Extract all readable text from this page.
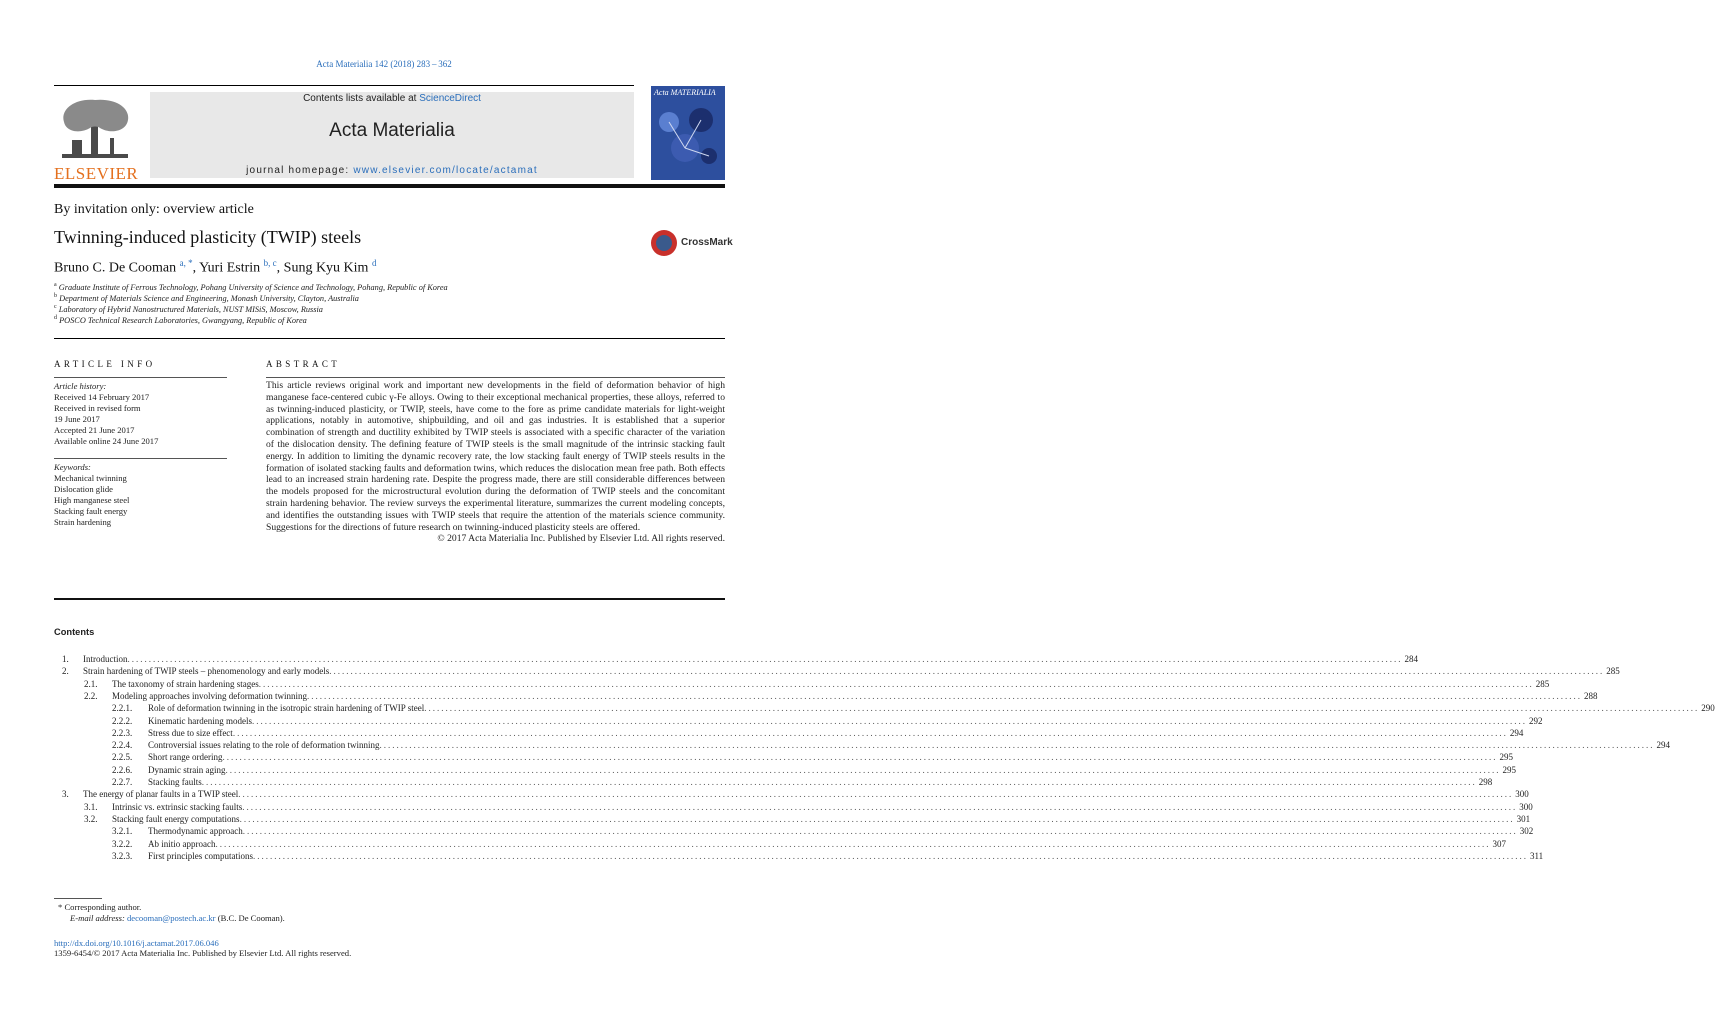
Acta Materialia 142 (2018) 283 – 362
ELSEVIER
Contents lists available at ScienceDirect
Acta Materialia
journal homepage: www.elsevier.com/locate/actamat
Acta MATERIALIA
By invitation only: overview article
Twinning-induced plasticity (TWIP) steels	CrossMark
Bruno C. De Cooman $^{a, *}$, Yuri Estrin $^{b, c}$, Sung Kyu Kim $^d$
$^a$ Graduate Institute of Ferrous Technology, Pohang University of Science and Technology, Pohang, Republic of Korea
$^b$ Department of Materials Science and Engineering, Monash University, Clayton, Australia
$^c$ Laboratory of Hybrid Nanostructured Materials, NUST MISiS, Moscow, Russia
$^d$ POSCO Technical Research Laboratories, Gwangyang, Republic of Korea
ARTICLE INFO
Article history:
Received 14 February 2017
Received in revised form
19 June 2017
Accepted 21 June 2017
Available online 24 June 2017
Keywords:
Mechanical twinning
Dislocation glide
High manganese steel
Stacking fault energy
Strain hardening
ABSTRACT
This article reviews original work and important new developments in the field of deformation behavior of high manganese face-centered cubic γ-Fe alloys. Owing to their exceptional mechanical properties, these alloys, referred to as twinning-induced plasticity, or TWIP, steels, have come to the fore as prime candidate materials for light-weight applications, notably in automotive, shipbuilding, and oil and gas industries. It is established that a superior combination of strength and ductility exhibited by TWIP steels is associated with a specific character of the variation of the dislocation density. The defining feature of TWIP steels is the small magnitude of the intrinsic stacking fault energy. In addition to limiting the dynamic recovery rate, the low stacking fault energy of TWIP steels results in the formation of isolated stacking faults and deformation twins, which reduces the dislocation mean free path. Both effects lead to an increased strain hardening rate. Despite the progress made, there are still considerable differences between the models proposed for the microstructural evolution during the deformation of TWIP steels and the concomitant strain hardening behavior. The review surveys the experimental literature, summarizes the current modeling concepts, and identifies the outstanding issues with TWIP steels that require the attention of the materials science community. Suggestions for the directions of future research on twinning-induced plasticity steels are offered.
© 2017 Acta Materialia Inc. Published by Elsevier Ltd. All rights reserved.
Contents
1. Introduction ............................................................................................................................................................................................................................................................................................................ 284
2. Strain hardening of TWIP steels – phenomenology and early models ............................................................................................................................................................................................................................................................................................................ 285
2.1. The taxonomy of strain hardening stages ............................................................................................................................................................................................................................................................................................................ 285
2.2. Modeling approaches involving deformation twinning ............................................................................................................................................................................................................................................................................................................ 288
2.2.1. Role of deformation twinning in the isotropic strain hardening of TWIP steel ............................................................................................................................................................................................................................................................................................................ 290
2.2.2. Kinematic hardening models ............................................................................................................................................................................................................................................................................................................ 292
2.2.3. Stress due to size effect ............................................................................................................................................................................................................................................................................................................ 294
2.2.4. Controversial issues relating to the role of deformation twinning ............................................................................................................................................................................................................................................................................................................ 294
2.2.5. Short range ordering ............................................................................................................................................................................................................................................................................................................ 295
2.2.6. Dynamic strain aging ............................................................................................................................................................................................................................................................................................................ 295
2.2.7. Stacking faults ............................................................................................................................................................................................................................................................................................................ 298
3. The energy of planar faults in a TWIP steel ............................................................................................................................................................................................................................................................................................................ 300
3.1. Intrinsic vs. extrinsic stacking faults ............................................................................................................................................................................................................................................................................................................ 300
3.2. Stacking fault energy computations ............................................................................................................................................................................................................................................................................................................ 301
3.2.1. Thermodynamic approach ............................................................................................................................................................................................................................................................................................................ 302
3.2.2. Ab initio approach ............................................................................................................................................................................................................................................................................................................ 307
3.2.3. First principles computations ............................................................................................................................................................................................................................................................................................................ 311
* Corresponding author.
E-mail address: decooman@postech.ac.kr (B.C. De Cooman).
http://dx.doi.org/10.1016/j.actamat.2017.06.046
1359-6454/© 2017 Acta Materialia Inc. Published by Elsevier Ltd. All rights reserved.
